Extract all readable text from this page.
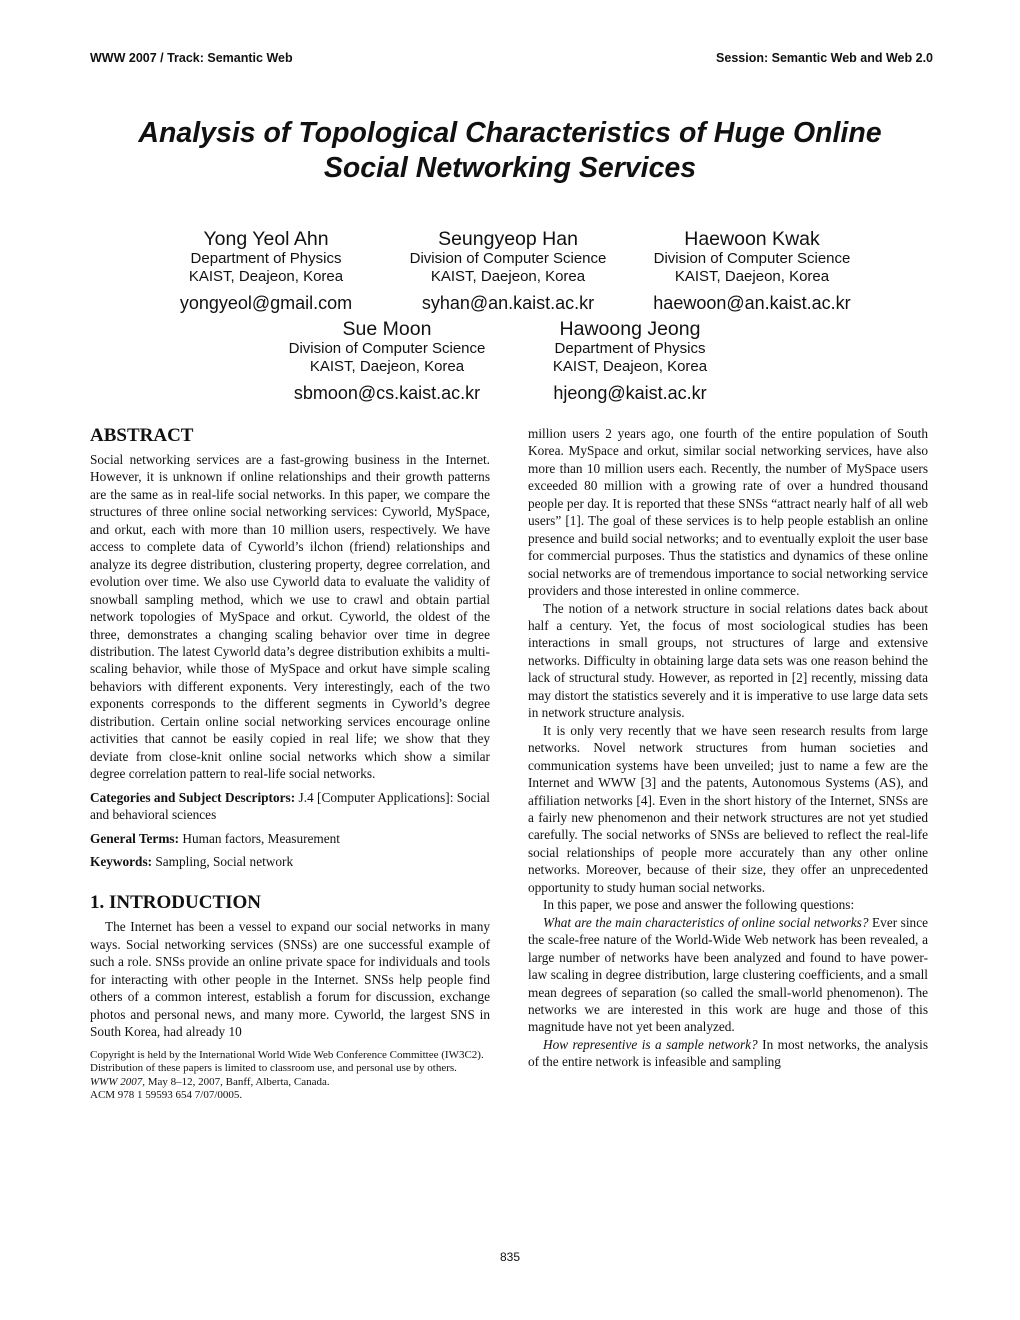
WWW 2007 / Track: Semantic Web	Session: Semantic Web and Web 2.0
Analysis of Topological Characteristics of Huge Online
Social Networking Services
Yong Yeol Ahn
Department of Physics
KAIST, Deajeon, Korea
yongyeol@gmail.com
Seungyeop Han
Division of Computer Science
KAIST, Daejeon, Korea
syhan@an.kaist.ac.kr
Haewoon Kwak
Division of Computer Science
KAIST, Daejeon, Korea
haewoon@an.kaist.ac.kr
Sue Moon
Division of Computer Science
KAIST, Daejeon, Korea
sbmoon@cs.kaist.ac.kr
Hawoong Jeong
Department of Physics
KAIST, Deajeon, Korea
hjeong@kaist.ac.kr
ABSTRACT

Social networking services are a fast-growing business in the Internet. However, it is unknown if online relationships and their growth patterns are the same as in real-life social networks. In this paper, we compare the structures of three online social networking services: Cyworld, MySpace, and orkut, each with more than 10 million users, respectively. We have access to complete data of Cyworld’s ilchon (friend) relationships and analyze its degree distribution, clustering property, degree correlation, and evolution over time. We also use Cyworld data to evaluate the validity of snowball sampling method, which we use to crawl and obtain partial network topologies of MySpace and orkut. Cyworld, the oldest of the three, demonstrates a changing scaling behavior over time in degree distribution. The latest Cyworld data’s degree distribution exhibits a multi-scaling behavior, while those of MySpace and orkut have simple scaling behaviors with different exponents. Very interestingly, each of the two exponents corresponds to the different segments in Cyworld’s degree distribution. Certain online social networking services encourage online activities that cannot be easily copied in real life; we show that they deviate from close-knit online social networks which show a similar degree correlation pattern to real-life social networks.

Categories and Subject Descriptors: J.4 [Computer Applications]: Social and behavioral sciences

General Terms: Human factors, Measurement

Keywords: Sampling, Social network

1. INTRODUCTION

The Internet has been a vessel to expand our social networks in many ways. Social networking services (SNSs) are one successful example of such a role. SNSs provide an online private space for individuals and tools for interacting with other people in the Internet. SNSs help people find others of a common interest, establish a forum for discussion, exchange photos and personal news, and many more. Cyworld, the largest SNS in South Korea, had already 10

Copyright is held by the International World Wide Web Conference Committee (IW3C2). Distribution of these papers is limited to classroom use, and personal use by others.
WWW 2007, May 8–12, 2007, Banff, Alberta, Canada.
ACM 978 1 59593 654 7/07/0005.

million users 2 years ago, one fourth of the entire population of South Korea. MySpace and orkut, similar social networking services, have also more than 10 million users each. Recently, the number of MySpace users exceeded 80 million with a growing rate of over a hundred thousand people per day. It is reported that these SNSs “attract nearly half of all web users” [1]. The goal of these services is to help people establish an online presence and build social networks; and to eventually exploit the user base for commercial purposes. Thus the statistics and dynamics of these online social networks are of tremendous importance to social networking service providers and those interested in online commerce.

The notion of a network structure in social relations dates back about half a century. Yet, the focus of most sociological studies has been interactions in small groups, not structures of large and extensive networks. Difficulty in obtaining large data sets was one reason behind the lack of structural study. However, as reported in [2] recently, missing data may distort the statistics severely and it is imperative to use large data sets in network structure analysis.

It is only very recently that we have seen research results from large networks. Novel network structures from human societies and communication systems have been unveiled; just to name a few are the Internet and WWW [3] and the patents, Autonomous Systems (AS), and affiliation networks [4]. Even in the short history of the Internet, SNSs are a fairly new phenomenon and their network structures are not yet studied carefully. The social networks of SNSs are believed to reflect the real-life social relationships of people more accurately than any other online networks. Moreover, because of their size, they offer an unprecedented opportunity to study human social networks.

In this paper, we pose and answer the following questions:

What are the main characteristics of online social networks? Ever since the scale-free nature of the World-Wide Web network has been revealed, a large number of networks have been analyzed and found to have power-law scaling in degree distribution, large clustering coefficients, and a small mean degrees of separation (so called the small-world phenomenon). The networks we are interested in this work are huge and those of this magnitude have not yet been analyzed.

How representive is a sample network? In most networks, the analysis of the entire network is infeasible and sampling

835
